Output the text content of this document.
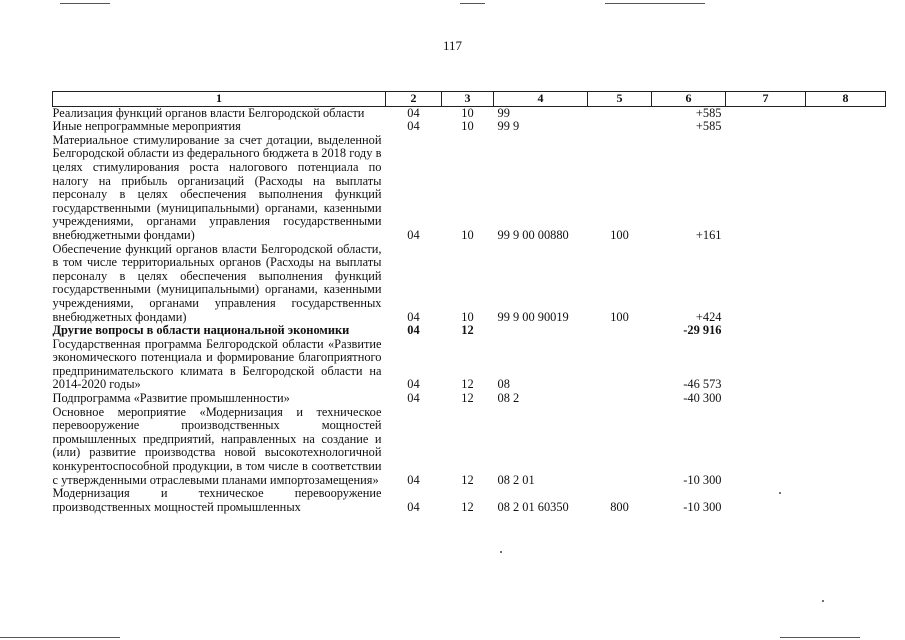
117
1	2	3	4	5	6	7	8
Реализация функций органов власти Белгородской области	04	10	99		+585		
Иные непрограммные мероприятия	04	10	99 9		+585		
Материальное стимулирование за счет дотации, выделенной Белгородской области из федерального бюджета в 2018 году в целях стимулирования роста налогового потенциала по налогу на прибыль организаций (Расходы на выплаты персоналу в целях обеспечения выполнения функций государственными (муниципальными) органами, казенными учреждениями, органами управления государственными внебюджетными фондами)	04	10	99 9 00 00880	100	+161		
Обеспечение функций органов власти Белгородской области, в том числе территориальных органов (Расходы на выплаты персоналу в целях обеспечения выполнения функций государственными (муниципальными) органами, казенными учреждениями, органами управления государственных внебюджетных фондами)	04	10	99 9 00 90019	100	+424		
Другие вопросы в области национальной экономики	04	12			-29 916		
Государственная программа Белгородской области «Развитие экономического потенциала и формирование благоприятного предпринимательского климата в Белгородской области на 2014-2020 годы»	04	12	08		-46 573		
Подпрограмма «Развитие промышленности»	04	12	08 2		-40 300		
Основное мероприятие «Модернизация и техническое перевооружение производственных мощностей промышленных предприятий, направленных на создание и (или) развитие производства новой высокотехнологичной конкурентоспособной продукции, в том числе в соответствии с утвержденными отраслевыми планами импортозамещения»	04	12	08 2 01		-10 300		
Модернизация и техническое перевооружение производственных мощностей промышленных	04	12	08 2 01 60350	800	-10 300		
